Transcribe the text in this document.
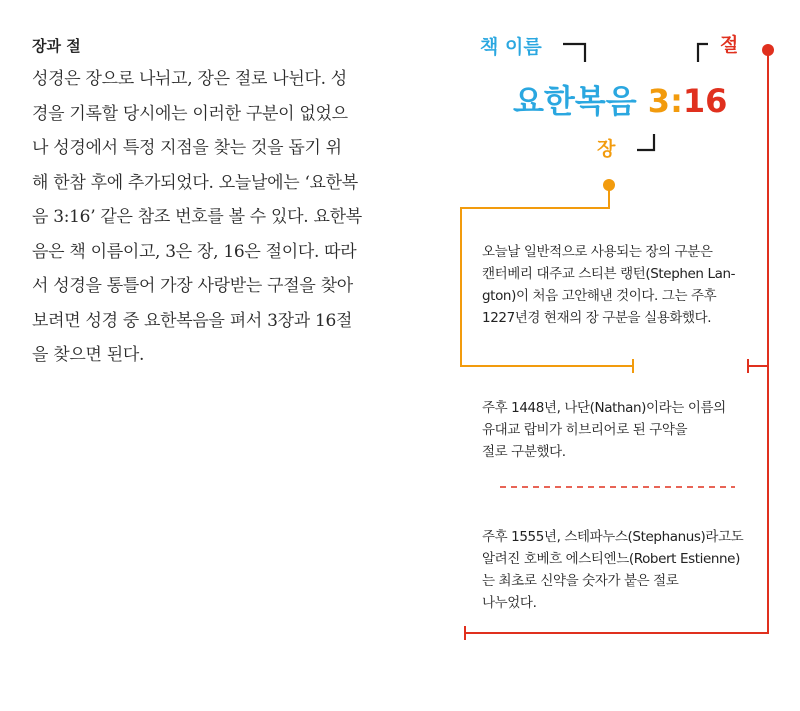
장과 절
성경은 장으로 나뉘고, 장은 절로 나뉜다. 성
경을 기록할 당시에는 이러한 구분이 없었으
나 성경에서 특정 지점을 찾는 것을 돕기 위
해 한참 후에 추가되었다. 오늘날에는 ‘요한복
음 3:16’ 같은 참조 번호를 볼 수 있다. 요한복
음은 책 이름이고, 3은 장, 16은 절이다. 따라
서 성경을 통틀어 가장 사랑받는 구절을 찾아
보려면 성경 중 요한복음을 펴서 3장과 16절
을 찾으면 된다.
책 이름	절
장
요한복음 3:16
오늘날 일반적으로 사용되는 장의 구분은
캔터베리 대주교 스티븐 랭턴(Stephen Lan-
gton)이 처음 고안해낸 것이다. 그는 주후
1227년경 현재의 장 구분을 실용화했다.
주후 1448년, 나단(Nathan)이라는 이름의
유대교 랍비가 히브리어로 된 구약을
절로 구분했다.
주후 1555년, 스테파누스(Stephanus)라고도
알려진 호베흐 에스티엔느(Robert Estienne)
는 최초로 신약을 숫자가 붙은 절로
나누었다.
